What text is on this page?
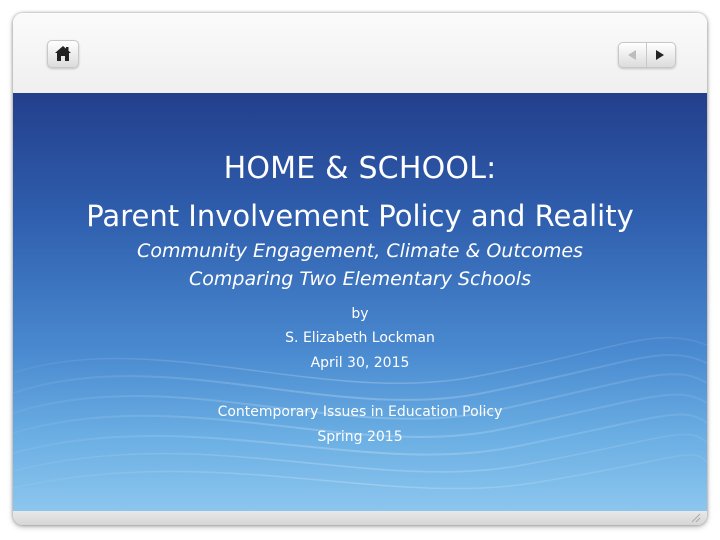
HOME & SCHOOL:
Parent Involvement Policy and Reality
Community Engagement, Climate & Outcomes
Comparing Two Elementary Schools
by
S. Elizabeth Lockman
April 30, 2015
Contemporary Issues in Education Policy
Spring 2015
